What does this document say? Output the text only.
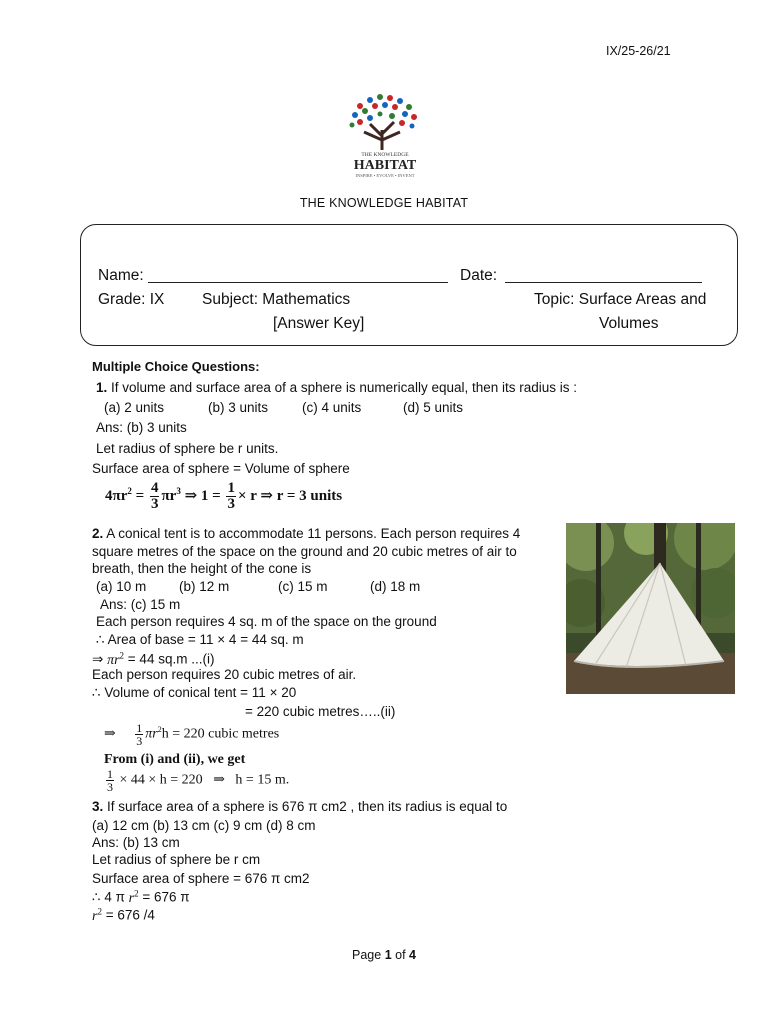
IX/25-26/21
THE KNOWLEDGE
HABITAT
INSPIRE • EVOLVE • INVENT
THE KNOWLEDGE HABITAT
Name:	Date:
Grade: IX Subject: Mathematics	Topic: Surface Areas and
Volumes
[Answer Key]
Multiple Choice Questions:
1. If volume and surface area of a sphere is numerically equal, then its radius is :
(a) 2 units	(b) 3 units	(c) 4 units	(d) 5 units
Ans: (b) 3 units
Let radius of sphere be r units.
Surface area of sphere = Volume of sphere
$4\pi r^2 = \frac{4}{3} \pi r^3$ ⇒ $1 = \frac{1}{3} \times r$ ⇒ r = 3 units
2. A conical tent is to accommodate 11 persons. Each person requires 4
square metres of the space on the ground and 20 cubic metres of air to
breath, then the height of the cone is
(a) 10 m (b) 12 m	(c) 15 m	(d) 18 m
Ans: (c) 15 m
Each person requires 4 sq. m of the space on the ground
∴ Area of base = 11 × 4 = 44 sq. m
⇒ $\pi r^2 = 44$ sq.m ...(i)
Each person requires 20 cubic metres of air.
∴ Volume of conical tent = 11 × 20
= 220 cubic metres…..(ii)
⇒ $\frac{1}{3} \pi r^2h = 220$ cubic metres
From (i) and (ii), we get
$\frac{1}{3} \times 44 \times h = 220$   ⇒   h = 15 m.
3. If surface area of a sphere is 676 π cm2 , then its radius is equal to
(a) 12 cm (b) 13 cm (c) 9 cm (d) 8 cm
Ans: (b) 13 cm
Let radius of sphere be r cm
Surface area of sphere = 676 π cm2
∴ 4 π $r^2 = 676$ π
$r^2 = 676$ /4
Page 1 of 4
